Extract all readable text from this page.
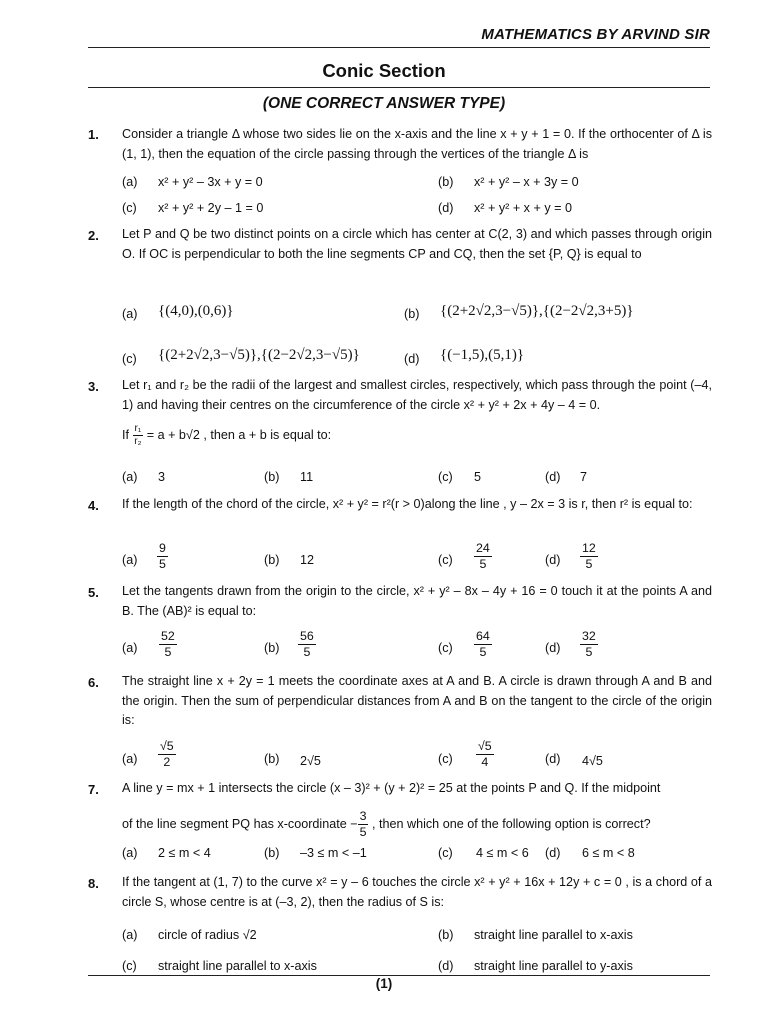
MATHEMATICS BY ARVIND SIR
Conic Section
(ONE CORRECT ANSWER TYPE)
1. Consider a triangle Δ whose two sides lie on the x-axis and the line x + y + 1 = 0. If the orthocenter of Δ is (1, 1), then the equation of the circle passing through the vertices of the triangle Δ is
(a) x² + y² – 3x + y = 0	(b) x² + y² – x + 3y = 0
(c) x² + y² + 2y – 1 = 0	(d) x² + y² + x + y = 0
2. Let P and Q be two distinct points on a circle which has center at C(2, 3) and which passes through origin O. If OC is perpendicular to both the line segments CP and CQ, then the set {P, Q} is equal to
(a) {(4,0),(0,6)}	(b) {(2+2√2,3−√5)},{(2−2√2,3+5)}
(c) {(2+2√2,3−√5)},{(2−2√2,3−√5)}	(d) {(−1,5),(5,1)}
3. Let r₁ and r₂ be the radii of the largest and smallest circles, respectively, which pass through the point (–4, 1) and having their centres on the circumference of the circle x² + y² + 2x + 4y – 4 = 0.
If $\frac{\text{r₁}}{\text{r₂}} = a + b√2$ , then a + b is equal to:
(a) 3	(b) 11	(c) 5	(d) 7
4. If the length of the chord of the circle, x² + y² = r²(r > 0)along the line , y – 2x = 3 is r, then r² is equal to:
$(a) \frac{9}{5}$	(b) 12	$(c) \frac{24}{5}$	$(d) \frac{12}{5}$
5. Let the tangents drawn from the origin to the circle, x² + y² – 8x – 4y + 16 = 0 touch it at the points A and B. The (AB)² is equal to:
$(a) \frac{52}{5}$	$(b) \frac{56}{5}$	$(c) \frac{64}{5}$	$(d) \frac{32}{5}$
6. The straight line x + 2y = 1 meets the coordinate axes at A and B. A circle is drawn through A and B and the origin. Then the sum of perpendicular distances from A and B on the tangent to the circle of the origin is:
$(a) \frac{√5}{2}$	(b) 2√5	$(c) \frac{√5}{4}$	(d) 4√5
7. A line y = mx + 1 intersects the circle (x – 3)² + (y + 2)² = 25 at the points P and Q. If the midpoint
of the line segment PQ has x-coordinate − $\frac{3}{5}$ , then which one of the following option is correct?
(a) 2 ≤ m < 4	(b) –3 ≤ m < –1	(c) 4 ≤ m < 6 (d) 6 ≤ m < 8
8. If the tangent at (1, 7) to the curve x² = y – 6 touches the circle x² + y² + 16x + 12y + c = 0 , is a chord of a circle S, whose centre is at (–3, 2), then the radius of S is:
(a) circle of radius √2	(b) straight line parallel to x-axis
(c) straight line parallel to x-axis	(d) straight line parallel to y-axis
(1)
